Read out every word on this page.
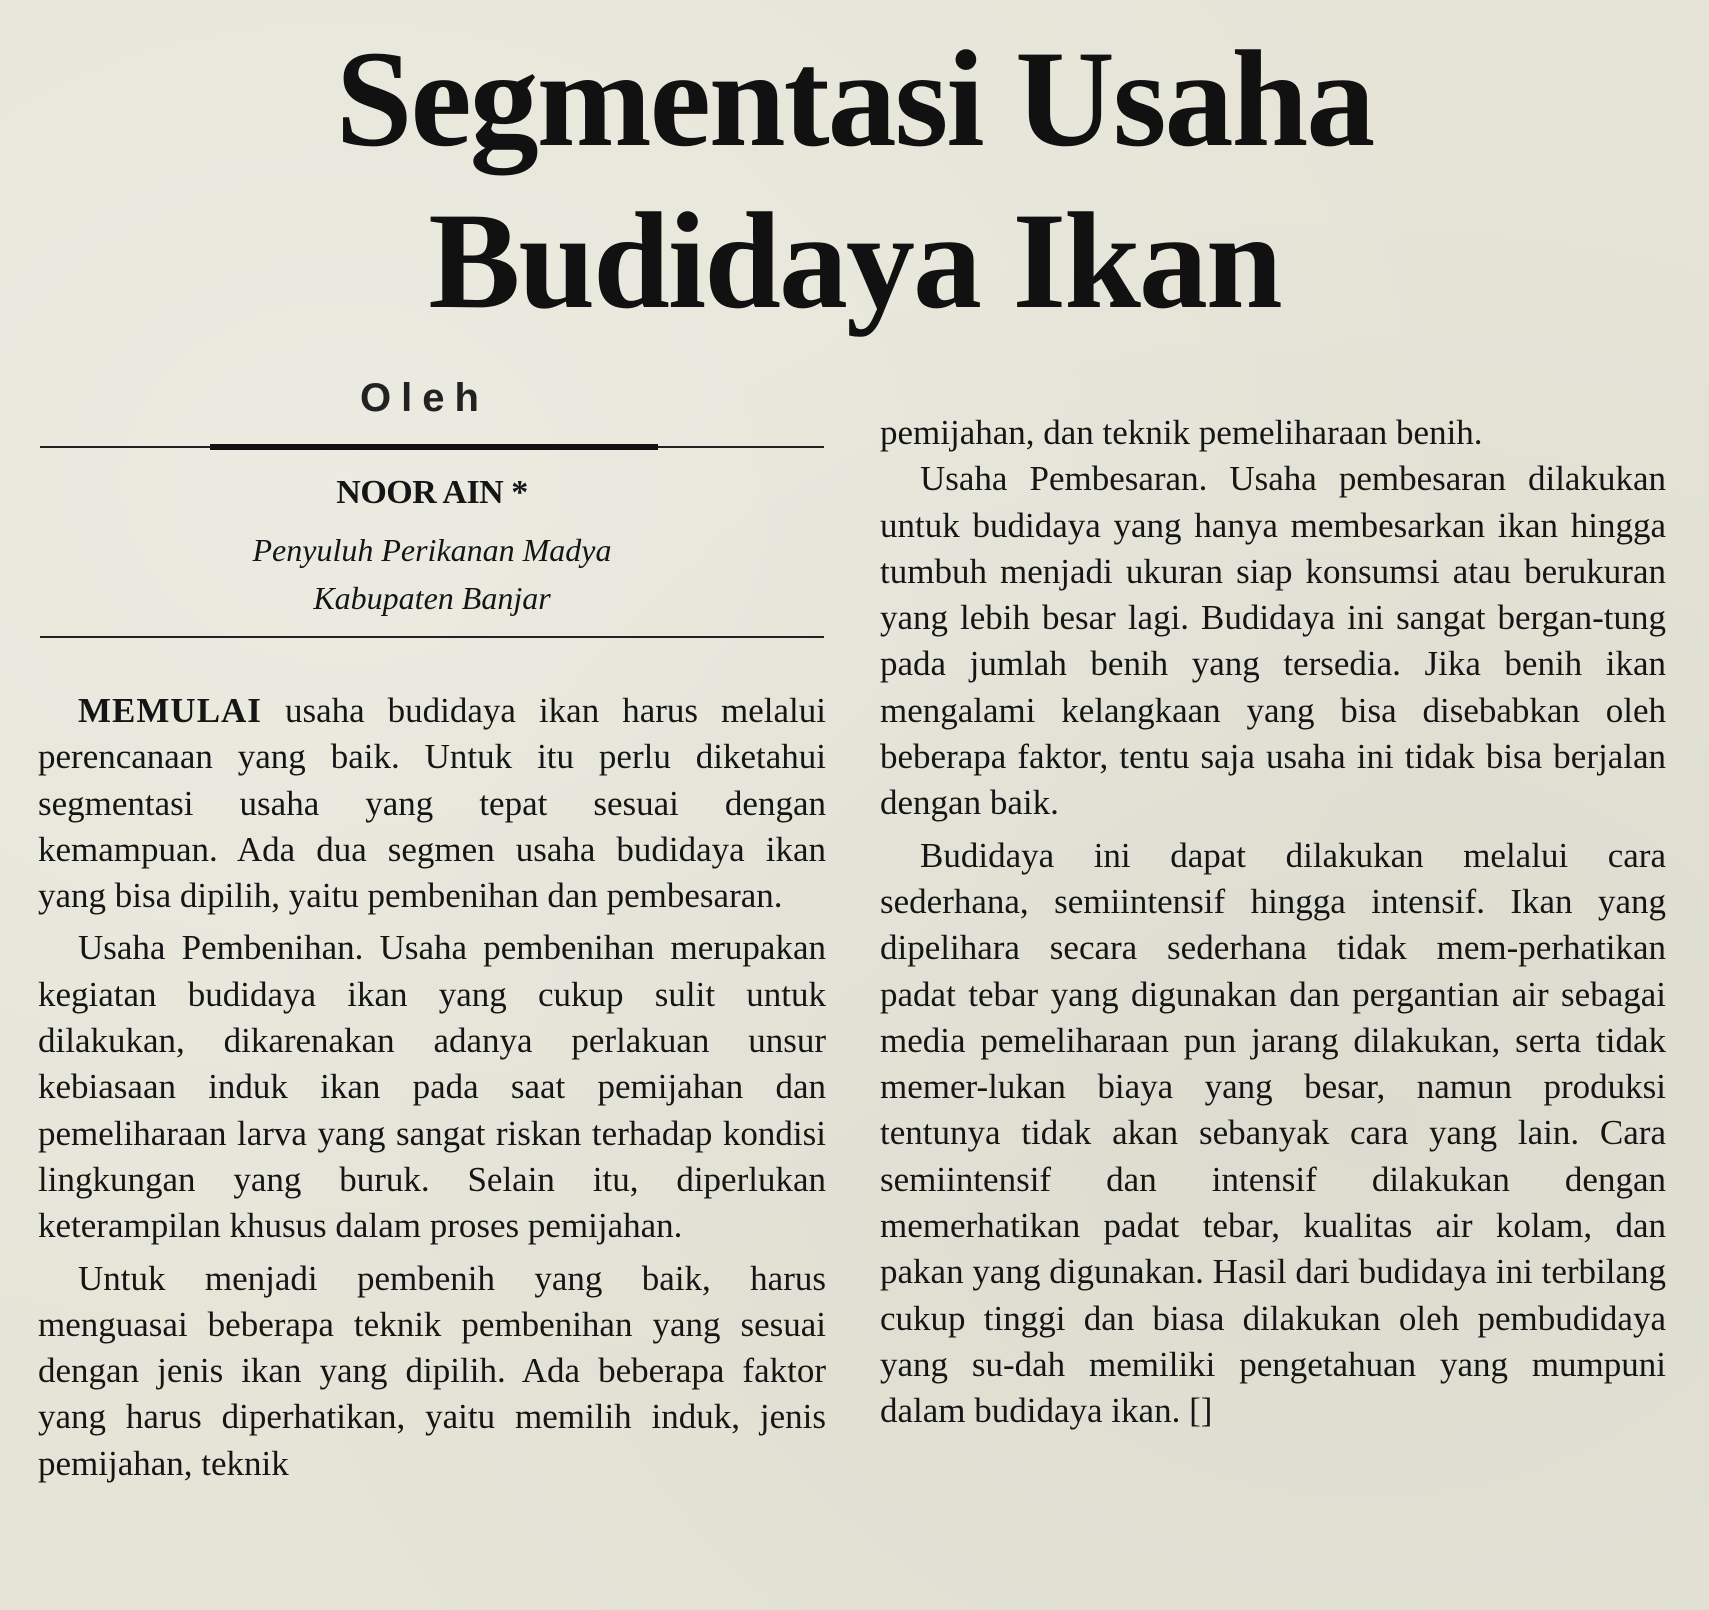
Segmentasi Usaha
Budidaya Ikan
Oleh
NOOR AIN *
Penyuluh Perikanan Madya
Kabupaten Banjar

MEMULAI usaha budidaya ikan harus melalui perencanaan yang baik. Untuk itu perlu diketahui segmentasi usaha yang tepat sesuai dengan kemampuan. Ada dua segmen usaha budidaya ikan yang bisa dipilih, yaitu pembenihan dan pembesaran.

Usaha Pembenihan. Usaha pembenihan merupakan kegiatan budidaya ikan yang cukup sulit untuk dilakukan, dikarenakan adanya perlakuan unsur kebiasaan induk ikan pada saat pemijahan dan pemeliharaan larva yang sangat riskan terhadap kondisi lingkungan yang buruk. Selain itu, diperlukan keterampilan khusus dalam proses pemijahan.

Untuk menjadi pembenih yang baik, harus menguasai beberapa teknik pembenihan yang sesuai dengan jenis ikan yang dipilih. Ada beberapa faktor yang harus diperhatikan, yaitu memilih induk, jenis pemijahan, teknik

pemijahan, dan teknik pemeliharaan benih.

Usaha Pembesaran. Usaha pembesaran dilakukan untuk budidaya yang hanya membesarkan ikan hingga tumbuh menjadi ukuran siap konsumsi atau berukuran yang lebih besar lagi. Budidaya ini sangat bergan-tung pada jumlah benih yang tersedia. Jika benih ikan mengalami kelangkaan yang bisa disebabkan oleh beberapa faktor, tentu saja usaha ini tidak bisa berjalan dengan baik.

Budidaya ini dapat dilakukan melalui cara sederhana, semiintensif hingga intensif. Ikan yang dipelihara secara sederhana tidak mem-perhatikan padat tebar yang digunakan dan pergantian air sebagai media pemeliharaan pun jarang dilakukan, serta tidak memer-lukan biaya yang besar, namun produksi tentunya tidak akan sebanyak cara yang lain. Cara semiintensif dan intensif dilakukan dengan memerhatikan padat tebar, kualitas air kolam, dan pakan yang digunakan. Hasil dari budidaya ini terbilang cukup tinggi dan biasa dilakukan oleh pembudidaya yang su-dah memiliki pengetahuan yang mumpuni dalam budidaya ikan. []
